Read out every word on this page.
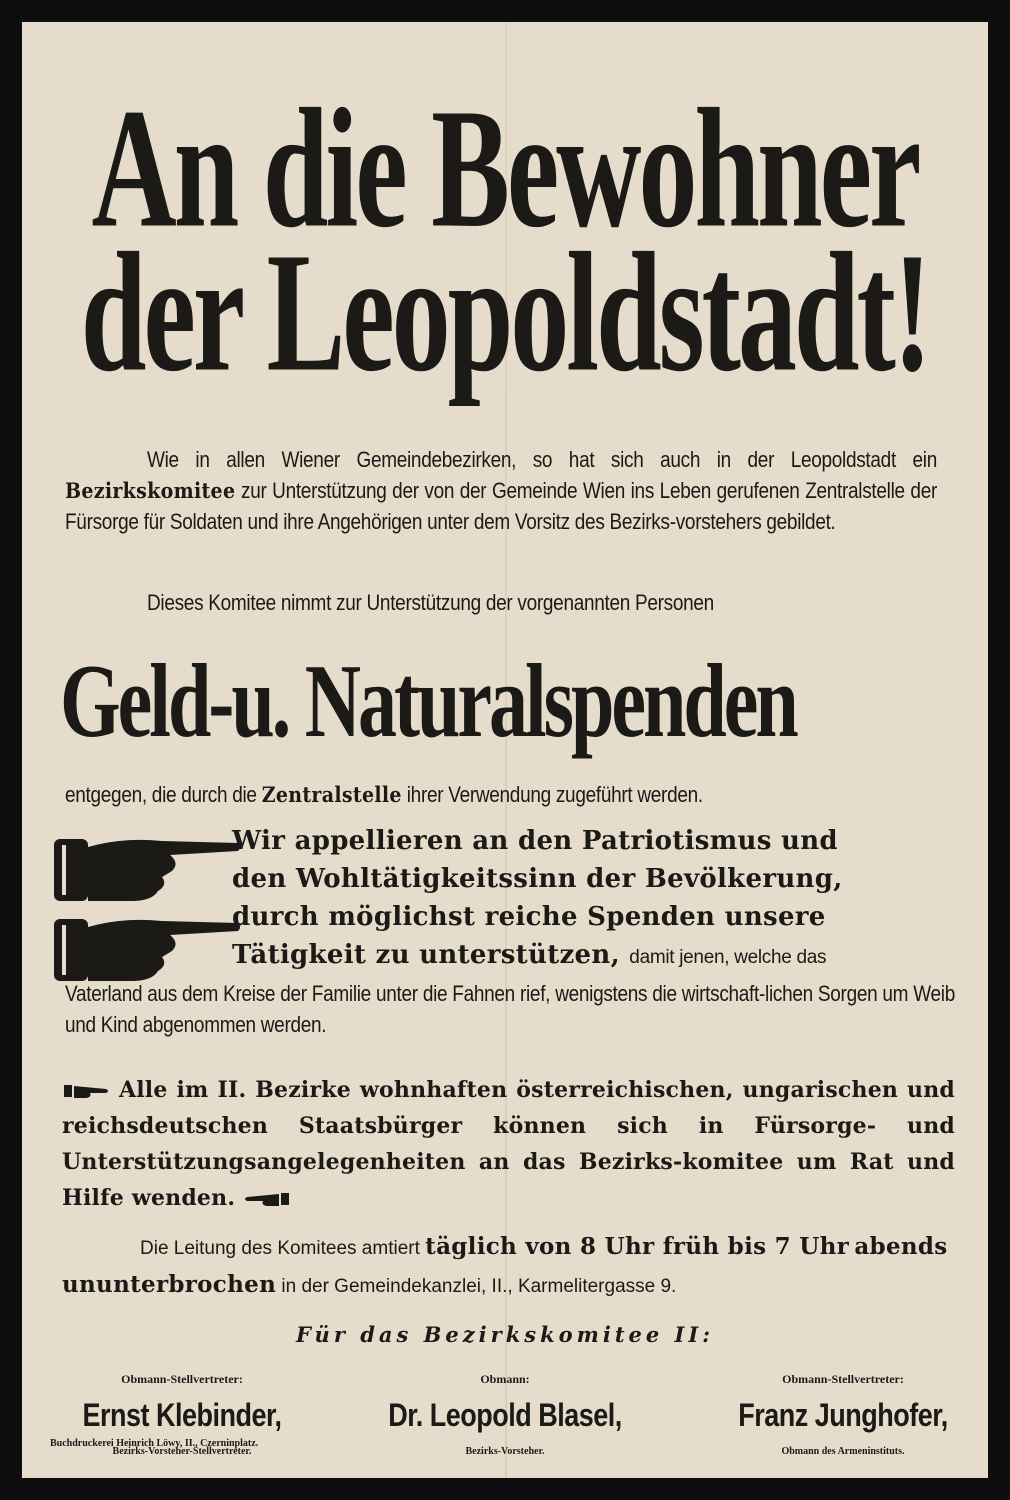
An die Bewohner
der Leopoldstadt!

Wie in allen Wiener Gemeindebezirken, so hat sich auch in der Leopoldstadt ein Bezirkskomitee zur Unterstützung der von der Gemeinde Wien ins Leben gerufenen Zentralstelle der Fürsorge für Soldaten und ihre Angehörigen unter dem Vorsitz des Bezirks-vorstehers gebildet.

Dieses Komitee nimmt zur Unterstützung der vorgenannten Personen

Geld-u. Naturalspenden

entgegen, die durch die Zentralstelle ihrer Verwendung zugeführt werden.

Wir appellieren an den Patriotismus und
den Wohltätigkeitssinn der Bevölkerung,
durch möglichst reiche Spenden unsere
Tätigkeit zu unterstützen, damit jenen, welche das

Vaterland aus dem Kreise der Familie unter die Fahnen rief, wenigstens die wirtschaft-lichen Sorgen um Weib und Kind abgenommen werden.

Alle im II. Bezirke wohnhaften österreichischen, ungarischen und reichsdeutschen Staatsbürger können sich in Fürsorge- und Unterstützungsangelegenheiten an das Bezirks-komitee um Rat und Hilfe wenden.

Die Leitung des Komitees amtiert täglich von 8 Uhr früh bis 7 Uhr abends ununterbrochen in der Gemeindekanzlei, II., Karmelitergasse 9.

Für das Bezirkskomitee II:
Obmann-Stellvertreter:
Ernst Klebinder,
Bezirks-Vorsteher-Stellvertreter.
Obmann:
Dr. Leopold Blasel,
Bezirks-Vorsteher.
Obmann-Stellvertreter:
Franz Junghofer,
Obmann des Armeninstituts.
Buchdruckerei Heinrich Löwy, II., Czerninplatz.
